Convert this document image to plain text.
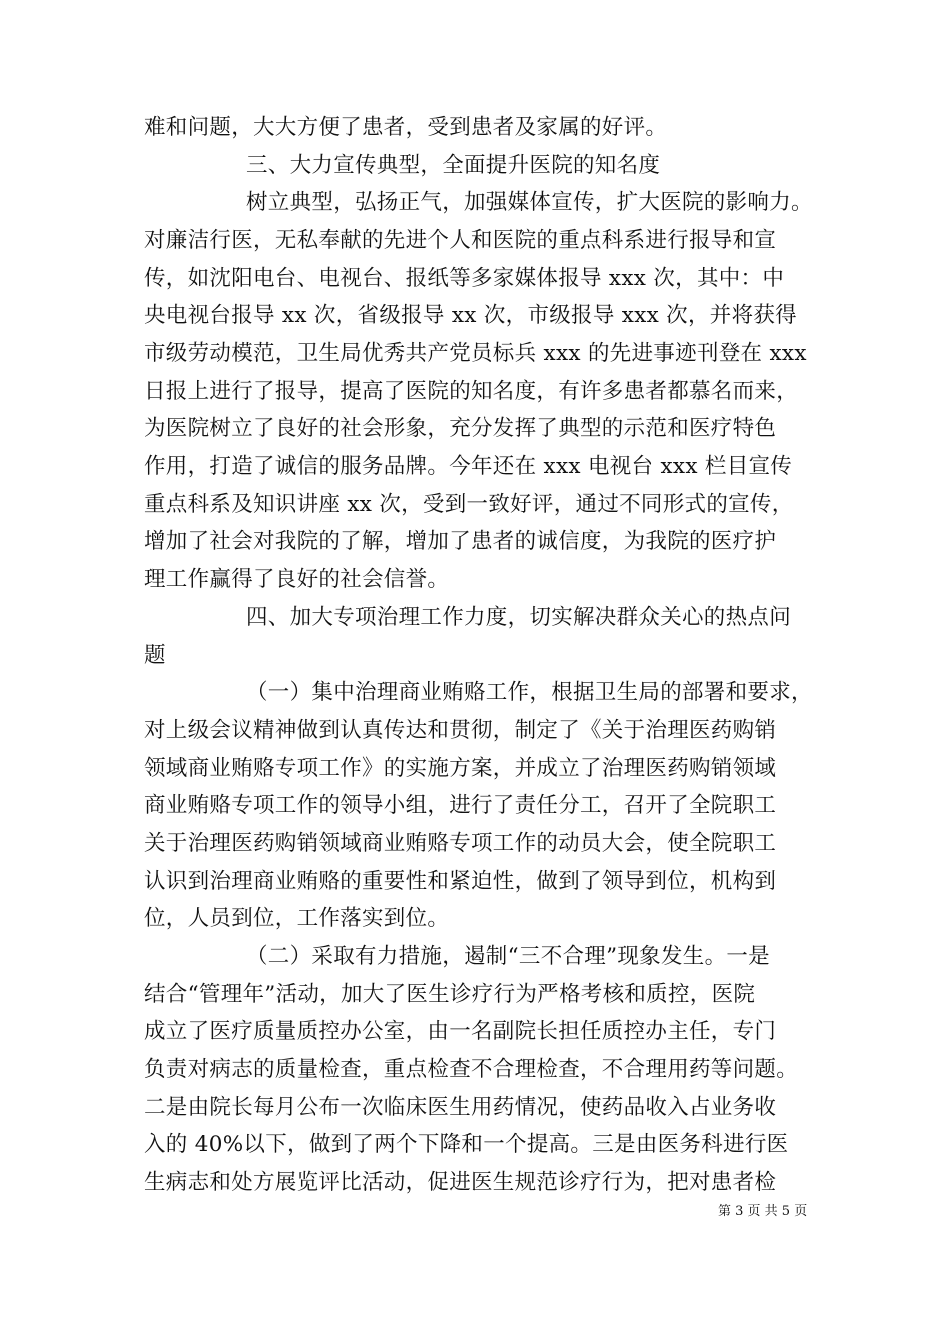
难和问题，大大方便了患者，受到患者及家属的好评。
三、大力宣传典型，全面提升医院的知名度
树立典型，弘扬正气，加强媒体宣传，扩大医院的影响力。
对廉洁行医，无私奉献的先进个人和医院的重点科系进行报导和宣
传，如沈阳电台、电视台、报纸等多家媒体报导 xxx 次，其中：中
央电视台报导 xx 次，省级报导 xx 次，市级报导 xxx 次，并将获得
市级劳动模范，卫生局优秀共产党员标兵 xxx 的先进事迹刊登在 xxx
日报上进行了报导，提高了医院的知名度，有许多患者都慕名而来，
为医院树立了良好的社会形象，充分发挥了典型的示范和医疗特色
作用，打造了诚信的服务品牌。今年还在 xxx 电视台 xxx 栏目宣传
重点科系及知识讲座 xx 次，受到一致好评，通过不同形式的宣传，
增加了社会对我院的了解，增加了患者的诚信度，为我院的医疗护
理工作赢得了良好的社会信誉。
四、加大专项治理工作力度，切实解决群众关心的热点问
题
（一）集中治理商业贿赂工作，根据卫生局的部署和要求，
对上级会议精神做到认真传达和贯彻，制定了《关于治理医药购销
领域商业贿赂专项工作》的实施方案，并成立了治理医药购销领域
商业贿赂专项工作的领导小组，进行了责任分工，召开了全院职工
关于治理医药购销领域商业贿赂专项工作的动员大会，使全院职工
认识到治理商业贿赂的重要性和紧迫性，做到了领导到位，机构到
位，人员到位，工作落实到位。
（二）采取有力措施，遏制“三不合理”现象发生。一是
结合“管理年”活动，加大了医生诊疗行为严格考核和质控，医院
成立了医疗质量质控办公室，由一名副院长担任质控办主任，专门
负责对病志的质量检查，重点检查不合理检查，不合理用药等问题。
二是由院长每月公布一次临床医生用药情况，使药品收入占业务收
入的 40%以下，做到了两个下降和一个提高。三是由医务科进行医
生病志和处方展览评比活动，促进医生规范诊疗行为，把对患者检
第 3 页 共 5 页
